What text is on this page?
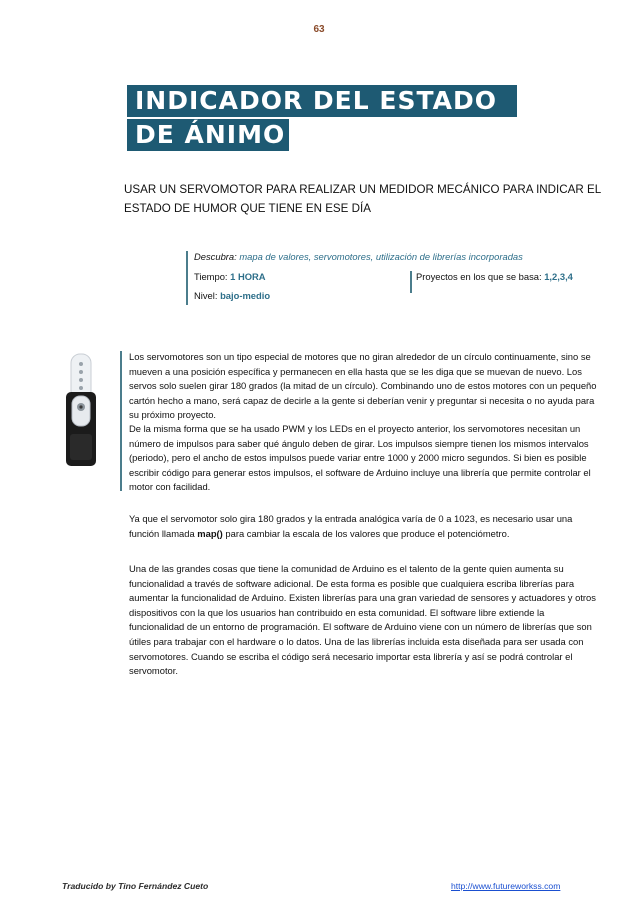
63
INDICADOR DEL ESTADO
DE ÁNIMO
USAR UN SERVOMOTOR PARA REALIZAR UN MEDIDOR MECÁNICO PARA INDICAR EL ESTADO DE HUMOR QUE TIENE EN ESE DÍA
Descubra: mapa de valores, servomotores, utilización de librerías incorporadas
Tiempo: 1 HORA
Nivel: bajo-medio
Proyectos en los que se basa: 1,2,3,4
Los servomotores son un tipo especial de motores que no giran alrededor de un círculo continuamente, sino se mueven a una posición específica y permanecen en ella hasta que se les diga que se muevan de nuevo. Los servos solo suelen girar 180 grados (la mitad de un círculo). Combinando uno de estos motores con un pequeño cartón hecho a mano, será capaz de decirle a la gente si deberían venir y preguntar si necesita o no ayuda para su próximo proyecto.
De la misma forma que se ha usado PWM y los LEDs en el proyecto anterior, los servomotores necesitan un número de impulsos para saber qué ángulo deben de girar. Los impulsos siempre tienen los mismos intervalos (periodo), pero el ancho de estos impulsos puede variar entre 1000 y 2000 micro segundos. Si bien es posible escribir código para generar estos impulsos, el software de Arduino incluye una librería que permite controlar el motor con facilidad.
Ya que el servomotor solo gira 180 grados y la entrada analógica varía de 0 a 1023, es necesario usar una función llamada map() para cambiar la escala de los valores que produce el potenciómetro.
Una de las grandes cosas que tiene la comunidad de Arduino es el talento de la gente quien aumenta su funcionalidad a través de software adicional. De esta forma es posible que cualquiera escriba librerías para aumentar la funcionalidad de Arduino. Existen librerías para una gran variedad de sensores y actuadores y otros dispositivos con la que los usuarios han contribuido en esta comunidad. El software libre extiende la funcionalidad de un entorno de programación. El software de Arduino viene con un número de librerías que son útiles para trabajar con el hardware o lo datos. Una de las librerías incluida esta diseñada para ser usada con servomotores. Cuando se escriba el código será necesario importar esta librería y así se podrá controlar el servomotor.
Traducido by Tino Fernández Cueto	http://www.futureworkss.com
